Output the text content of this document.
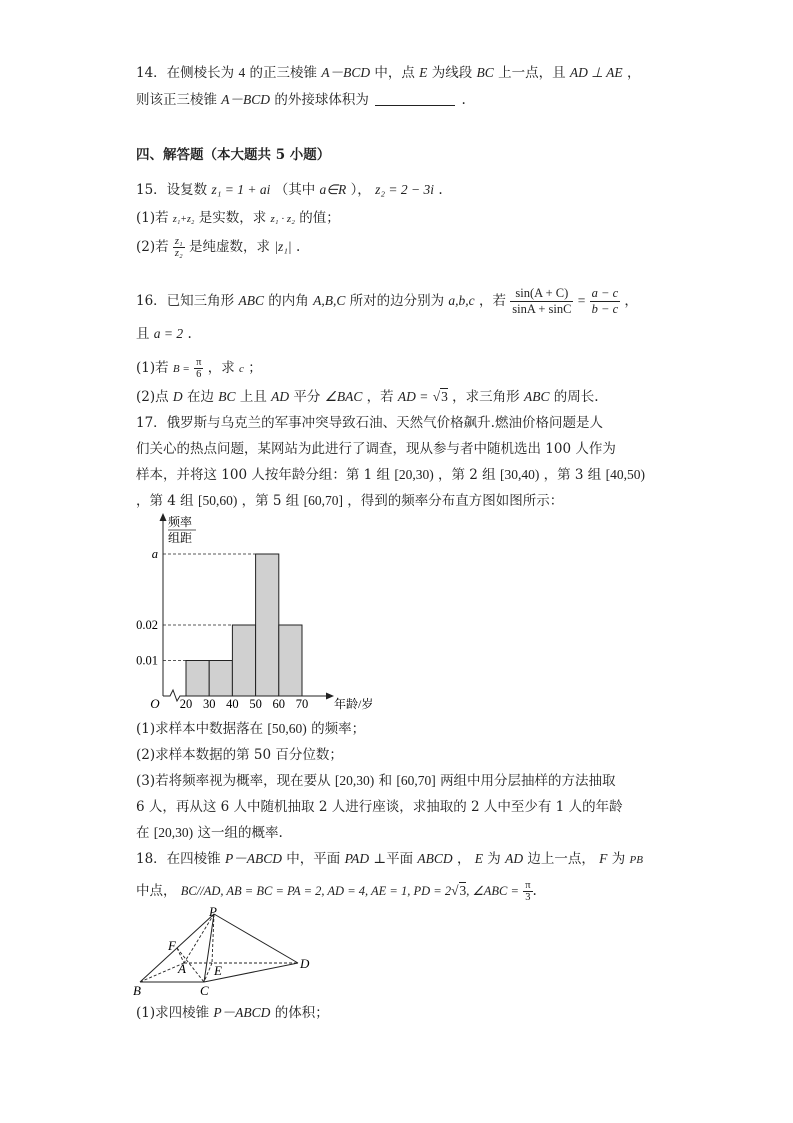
14．在侧棱长为 4 的正三棱锥 A－BCD 中，点 E 为线段 BC 上一点，且 AD ⊥ AE ，
则该正三棱锥 A－BCD 的外接球体积为	.
四、解答题（本大题共 5 小题）
15．设复数 z₁ = 1 + ai （其中 a∈R ）， z₂ = 2 − 3i .
(1)若 z₁+z₂ 是实数，求 z₁ · z₂ 的值；
(2)若 $\frac{\text{z₁}}{\text{z₂}}$ 是纯虚数，求 |z₁| .
16．已知三角形 ABC 的内角 A,B,C 所对的边分别为 a,b,c ，若 $\frac{\sin(A + C)}{\sin A + \sin C} = \frac{a - c}{b - c}$ ，
且 a = 2 .
(1)若 $B = \frac{\pi}{6}$ ，求 c ；
(2)点 D 在边 BC 上且 AD 平分 ∠BAC ，若 AD = √3 ，求三角形 ABC 的周长.
17．俄罗斯与乌克兰的军事冲突导致石油、天然气价格飙升.燃油价格问题是人
们关心的热点问题，某网站为此进行了调查，现从参与者中随机选出 100 人作为
样本，并将这 100 人按年龄分组：第 1 组 [20,30) ，第 2 组 [30,40) ，第 3 组 [40,50)
，第 4 组 [50,60) ，第 5 组 [60,70] ，得到的频率分布直方图如图所示：
O
频率
组距
年龄/岁
20 30 40 50 60 70
0.01
0.02
a
(1)求样本中数据落在 [50,60) 的频率；
(2)求样本数据的第 50 百分位数；
(3)若将频率视为概率，现在要从 [20,30) 和 [60,70] 两组中用分层抽样的方法抽取
6 人，再从这 6 人中随机抽取 2 人进行座谈，求抽取的 2 人中至少有 1 人的年龄
在 [20,30) 这一组的概率.
18．在四棱锥 P－ABCD 中，平面 PAD ⊥平面 ABCD ， E 为 AD 边上一点， F 为 PB
中点， BC//AD, AB = BC = PA = 2, AD = 4, AE = 1, PD = 2√3, ∠ABC = $\frac{\pi}{3}$ .
P
F
A E	D
B	C
(1)求四棱锥 P－ABCD 的体积；
